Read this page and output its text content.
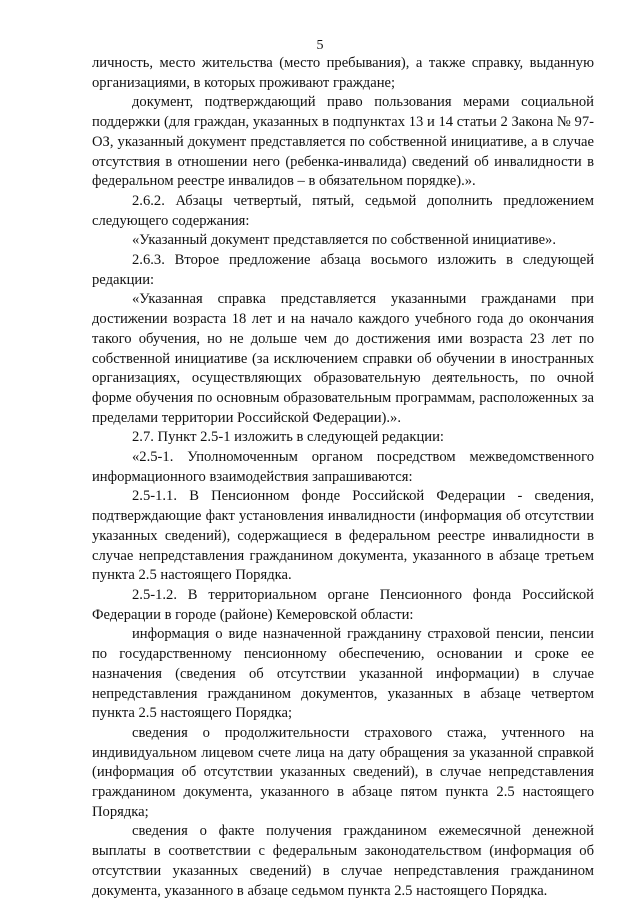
5

личность, место жительства (место пребывания), а также справку, выданную организациями, в которых проживают граждане;

документ, подтверждающий право пользования мерами социальной поддержки (для граждан, указанных в подпунктах 13 и 14 статьи 2 Закона № 97-ОЗ, указанный документ представляется по собственной инициативе, а в случае отсутствия в отношении него (ребенка-инвалида) сведений об инвалидности в федеральном реестре инвалидов – в обязательном порядке).».

2.6.2. Абзацы четвертый, пятый, седьмой дополнить предложением следующего содержания:

«Указанный документ представляется по собственной инициативе».

2.6.3. Второе предложение абзаца восьмого изложить в следующей редакции:

«Указанная справка представляется указанными гражданами при достижении возраста 18 лет и на начало каждого учебного года до окончания такого обучения, но не дольше чем до достижения ими возраста 23 лет по собственной инициативе (за исключением справки об обучении в иностранных организациях, осуществляющих образовательную деятельность, по очной форме обучения по основным образовательным программам, расположенных за пределами территории Российской Федерации).».

2.7. Пункт 2.5-1 изложить в следующей редакции:

«2.5-1. Уполномоченным органом посредством межведомственного информационного взаимодействия запрашиваются:

2.5-1.1. В Пенсионном фонде Российской Федерации - сведения, подтверждающие факт установления инвалидности (информация об отсутствии указанных сведений), содержащиеся в федеральном реестре инвалидности в случае непредставления гражданином документа, указанного в абзаце третьем пункта 2.5 настоящего Порядка.

2.5-1.2. В территориальном органе Пенсионного фонда Российской Федерации в городе (районе) Кемеровской области:

информация о виде назначенной гражданину страховой пенсии, пенсии по государственному пенсионному обеспечению, основании и сроке ее назначения (сведения об отсутствии указанной информации) в случае непредставления гражданином документов, указанных в абзаце четвертом пункта 2.5 настоящего Порядка;

сведения о продолжительности страхового стажа, учтенного на индивидуальном лицевом счете лица на дату обращения за указанной справкой (информация об отсутствии указанных сведений), в случае непредставления гражданином документа, указанного в абзаце пятом пункта 2.5 настоящего Порядка;

сведения о факте получения гражданином ежемесячной денежной выплаты в соответствии с федеральным законодательством (информация об отсутствии указанных сведений) в случае непредставления гражданином документа, указанного в абзаце седьмом пункта 2.5 настоящего Порядка.
